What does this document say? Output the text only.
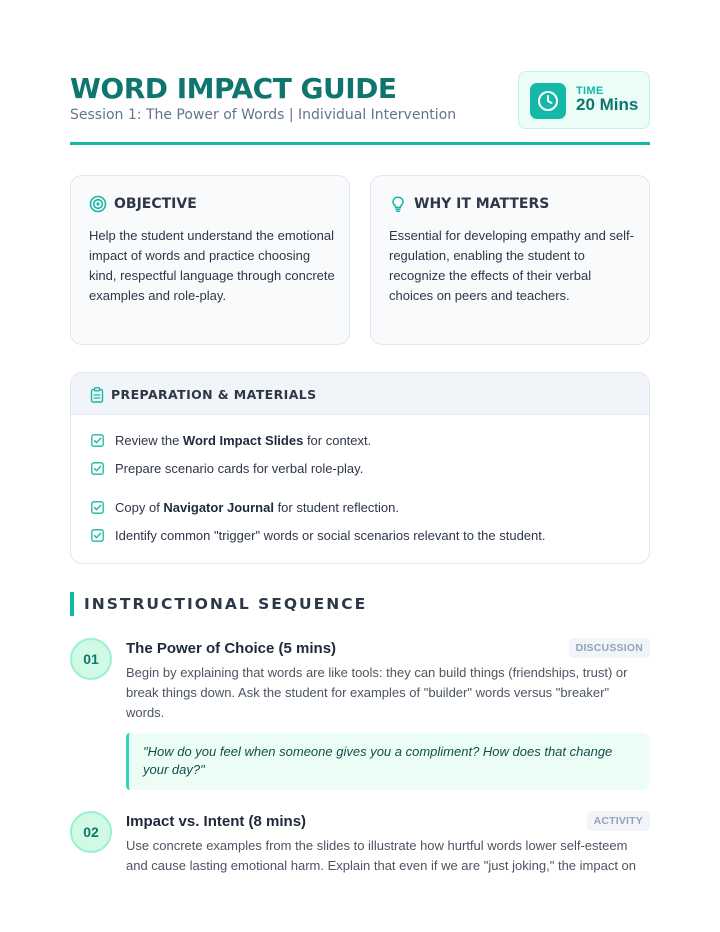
WORD IMPACT GUIDE
Session 1: The Power of Words | Individual Intervention
TIME
20 Mins
OBJECTIVE
Help the student understand the emotional impact of words and practice choosing kind, respectful language through concrete examples and role-play.
WHY IT MATTERS
Essential for developing empathy and self-regulation, enabling the student to recognize the effects of their verbal choices on peers and teachers.
PREPARATION & MATERIALS
Review the Word Impact Slides for context.
Prepare scenario cards for verbal role-play.
Copy of Navigator Journal for student reflection.
Identify common "trigger" words or social scenarios relevant to the student.
INSTRUCTIONAL SEQUENCE
01
The Power of Choice (5 mins)	DISCUSSION
Begin by explaining that words are like tools: they can build things (friendships, trust) or break things down. Ask the student for examples of "builder" words versus "breaker" words.
"How do you feel when someone gives you a compliment? How does that change your day?"
02
Impact vs. Intent (8 mins)	ACTIVITY
Use concrete examples from the slides to illustrate how hurtful words lower self-esteem and cause lasting emotional harm. Explain that even if we are "just joking," the impact on
